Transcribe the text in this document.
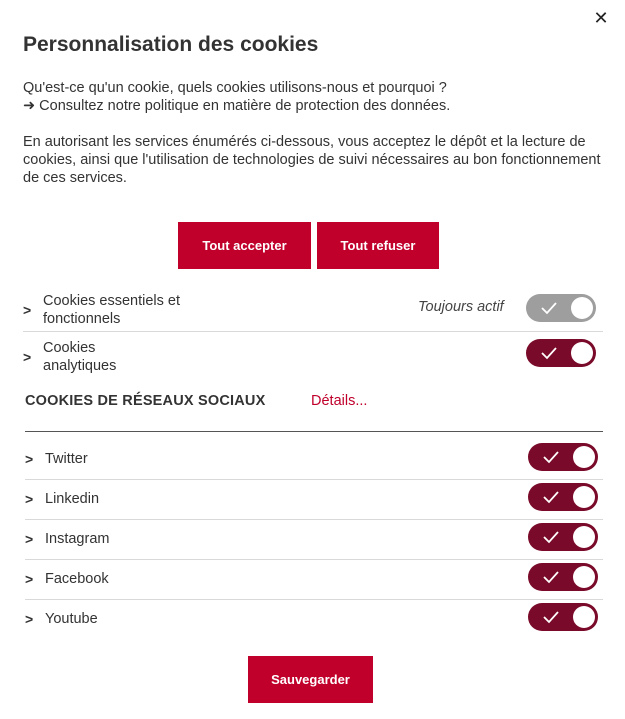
✕
Personnalisation des cookies

Qu'est-ce qu'un cookie, quels cookies utilisons-nous et pourquoi ?

➜ Consultez notre politique en matière de protection des données.

En autorisant les services énumérés ci-dessous, vous acceptez le dépôt et la lecture de cookies, ainsi que l'utilisation de technologies de suivi nécessaires au bon fonctionnement de ces services.

Tout accepter	Tout refuser
>
Cookies essentiels et
fonctionnels
Toujours actif
>
Cookies
analytiques
COOKIES DE RÉSEAUX SOCIAUX	Détails...
> Twitter
> Linkedin
> Instagram
> Facebook
> Youtube
Sauvegarder
